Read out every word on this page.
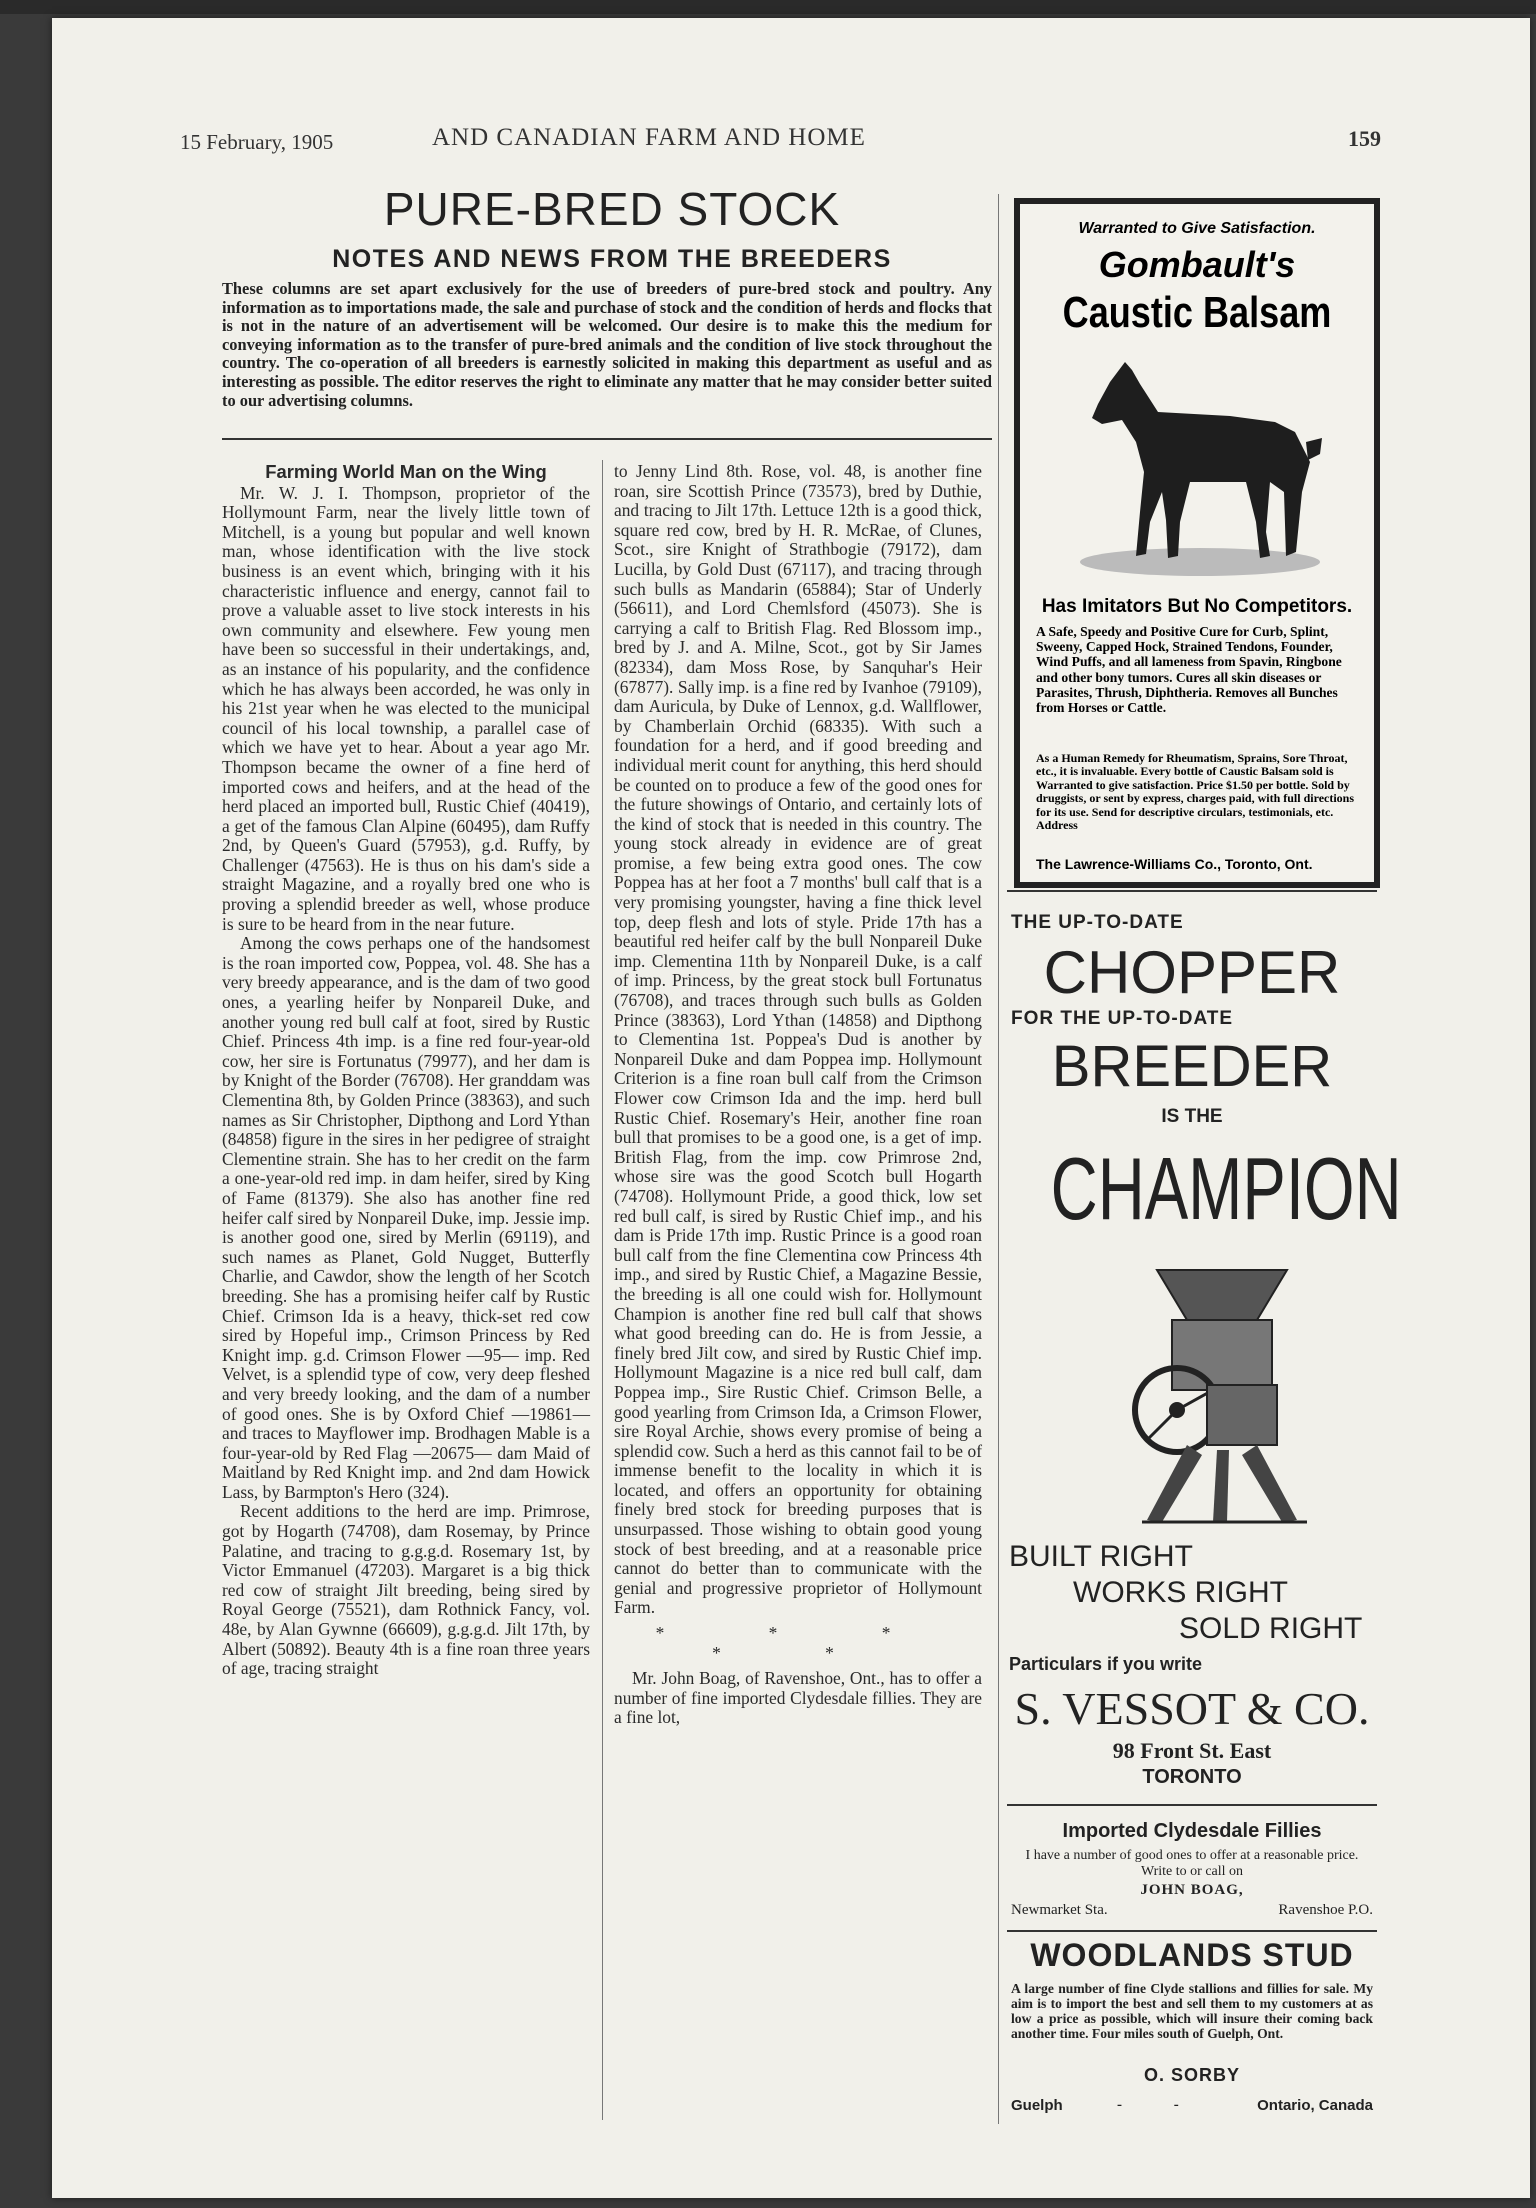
15 February, 1905	AND CANADIAN FARM AND HOME	159
PURE-BRED STOCK
NOTES AND NEWS FROM THE BREEDERS
These columns are set apart exclusively for the use of breeders of pure-bred stock and poultry. Any information as to importations made, the sale and purchase of stock and the condition of herds and flocks that is not in the nature of an advertisement will be welcomed. Our desire is to make this the medium for conveying information as to the transfer of pure-bred animals and the condition of live stock throughout the country. The co-operation of all breeders is earnestly solicited in making this department as useful and as interesting as possible. The editor reserves the right to eliminate any matter that he may consider better suited to our advertising columns.
Farming World Man on the Wing

Mr. W. J. I. Thompson, proprietor of the Hollymount Farm, near the lively little town of Mitchell, is a young but popular and well known man, whose identification with the live stock business is an event which, bringing with it his characteristic influence and energy, cannot fail to prove a valuable asset to live stock interests in his own community and elsewhere. Few young men have been so successful in their undertakings, and, as an instance of his popularity, and the confidence which he has always been accorded, he was only in his 21st year when he was elected to the municipal council of his local township, a parallel case of which we have yet to hear. About a year ago Mr. Thompson became the owner of a fine herd of imported cows and heifers, and at the head of the herd placed an imported bull, Rustic Chief (40419), a get of the famous Clan Alpine (60495), dam Ruffy 2nd, by Queen's Guard (57953), g.d. Ruffy, by Challenger (47563). He is thus on his dam's side a straight Magazine, and a royally bred one who is proving a splendid breeder as well, whose produce is sure to be heard from in the near future.

Among the cows perhaps one of the handsomest is the roan imported cow, Poppea, vol. 48. She has a very breedy appearance, and is the dam of two good ones, a yearling heifer by Nonpareil Duke, and another young red bull calf at foot, sired by Rustic Chief. Princess 4th imp. is a fine red four-year-old cow, her sire is Fortunatus (79977), and her dam is by Knight of the Border (76708). Her granddam was Clementina 8th, by Golden Prince (38363), and such names as Sir Christopher, Dipthong and Lord Ythan (84858) figure in the sires in her pedigree of straight Clementine strain. She has to her credit on the farm a one-year-old red imp. in dam heifer, sired by King of Fame (81379). She also has another fine red heifer calf sired by Nonpareil Duke, imp. Jessie imp. is another good one, sired by Merlin (69119), and such names as Planet, Gold Nugget, Butterfly Charlie, and Cawdor, show the length of her Scotch breeding. She has a promising heifer calf by Rustic Chief. Crimson Ida is a heavy, thick-set red cow sired by Hopeful imp., Crimson Princess by Red Knight imp. g.d. Crimson Flower —95— imp. Red Velvet, is a splendid type of cow, very deep fleshed and very breedy looking, and the dam of a number of good ones. She is by Oxford Chief —19861— and traces to Mayflower imp. Brodhagen Mable is a four-year-old by Red Flag —20675— dam Maid of Maitland by Red Knight imp. and 2nd dam Howick Lass, by Barmpton's Hero (324).

Recent additions to the herd are imp. Primrose, got by Hogarth (74708), dam Rosemay, by Prince Palatine, and tracing to g.g.g.d. Rosemary 1st, by Victor Emmanuel (47203). Margaret is a big thick red cow of straight Jilt breeding, being sired by Royal George (75521), dam Rothnick Fancy, vol. 48e, by Alan Gywnne (66609), g.g.g.d. Jilt 17th, by Albert (50892). Beauty 4th is a fine roan three years of age, tracing straight

to Jenny Lind 8th. Rose, vol. 48, is another fine roan, sire Scottish Prince (73573), bred by Duthie, and tracing to Jilt 17th. Lettuce 12th is a good thick, square red cow, bred by H. R. McRae, of Clunes, Scot., sire Knight of Strathbogie (79172), dam Lucilla, by Gold Dust (67117), and tracing through such bulls as Mandarin (65884); Star of Underly (56611), and Lord Chemlsford (45073). She is carrying a calf to British Flag. Red Blossom imp., bred by J. and A. Milne, Scot., got by Sir James (82334), dam Moss Rose, by Sanquhar's Heir (67877). Sally imp. is a fine red by Ivanhoe (79109), dam Auricula, by Duke of Lennox, g.d. Wallflower, by Chamberlain Orchid (68335). With such a foundation for a herd, and if good breeding and individual merit count for anything, this herd should be counted on to produce a few of the good ones for the future showings of Ontario, and certainly lots of the kind of stock that is needed in this country. The young stock already in evidence are of great promise, a few being extra good ones. The cow Poppea has at her foot a 7 months' bull calf that is a very promising youngster, having a fine thick level top, deep flesh and lots of style. Pride 17th has a beautiful red heifer calf by the bull Nonpareil Duke imp. Clementina 11th by Nonpareil Duke, is a calf of imp. Princess, by the great stock bull Fortunatus (76708), and traces through such bulls as Golden Prince (38363), Lord Ythan (14858) and Dipthong to Clementina 1st. Poppea's Dud is another by Nonpareil Duke and dam Poppea imp. Hollymount Criterion is a fine roan bull calf from the Crimson Flower cow Crimson Ida and the imp. herd bull Rustic Chief. Rosemary's Heir, another fine roan bull that promises to be a good one, is a get of imp. British Flag, from the imp. cow Primrose 2nd, whose sire was the good Scotch bull Hogarth (74708). Hollymount Pride, a good thick, low set red bull calf, is sired by Rustic Chief imp., and his dam is Pride 17th imp. Rustic Prince is a good roan bull calf from the fine Clementina cow Princess 4th imp., and sired by Rustic Chief, a Magazine Bessie, the breeding is all one could wish for. Hollymount Champion is another fine red bull calf that shows what good breeding can do. He is from Jessie, a finely bred Jilt cow, and sired by Rustic Chief imp. Hollymount Magazine is a nice red bull calf, dam Poppea imp., Sire Rustic Chief. Crimson Belle, a good yearling from Crimson Ida, a Crimson Flower, sire Royal Archie, shows every promise of being a splendid cow. Such a herd as this cannot fail to be of immense benefit to the locality in which it is located, and offers an opportunity for obtaining finely bred stock for breeding purposes that is unsurpassed. Those wishing to obtain good young stock of best breeding, and at a reasonable price cannot do better than to communicate with the genial and progressive proprietor of Hollymount Farm.

* * * * *

Mr. John Boag, of Ravenshoe, Ont., has to offer a number of fine imported Clydesdale fillies. They are a fine lot,

Warranted to Give Satisfaction.
Gombault's
Caustic Balsam
Has Imitators But No Competitors.
A Safe, Speedy and Positive Cure for Curb, Splint, Sweeny, Capped Hock, Strained Tendons, Founder, Wind Puffs, and all lameness from Spavin, Ringbone and other bony tumors. Cures all skin diseases or Parasites, Thrush, Diphtheria. Removes all Bunches from Horses or Cattle.
As a Human Remedy for Rheumatism, Sprains, Sore Throat, etc., it is invaluable. Every bottle of Caustic Balsam sold is Warranted to give satisfaction. Price $1.50 per bottle. Sold by druggists, or sent by express, charges paid, with full directions for its use. Send for descriptive circulars, testimonials, etc. Address
The Lawrence-Williams Co., Toronto, Ont.
THE UP-TO-DATE
CHOPPER
FOR THE UP-TO-DATE
BREEDER
IS THE
CHAMPION
BUILT RIGHT
WORKS RIGHT
SOLD RIGHT
Particulars if you write
S. VESSOT & CO.
98 Front St. East
TORONTO
Imported Clydesdale Fillies
I have a number of good ones to offer at a reasonable price. Write to or call on
JOHN BOAG,
Newmarket Sta.	Ravenshoe P.O.
WOODLANDS STUD
A large number of fine Clyde stallions and fillies for sale. My aim is to import the best and sell them to my customers at as low a price as possible, which will insure their coming back another time. Four miles south of Guelph, Ont.
O. SORBY
Guelph	- -	Ontario, Canada
